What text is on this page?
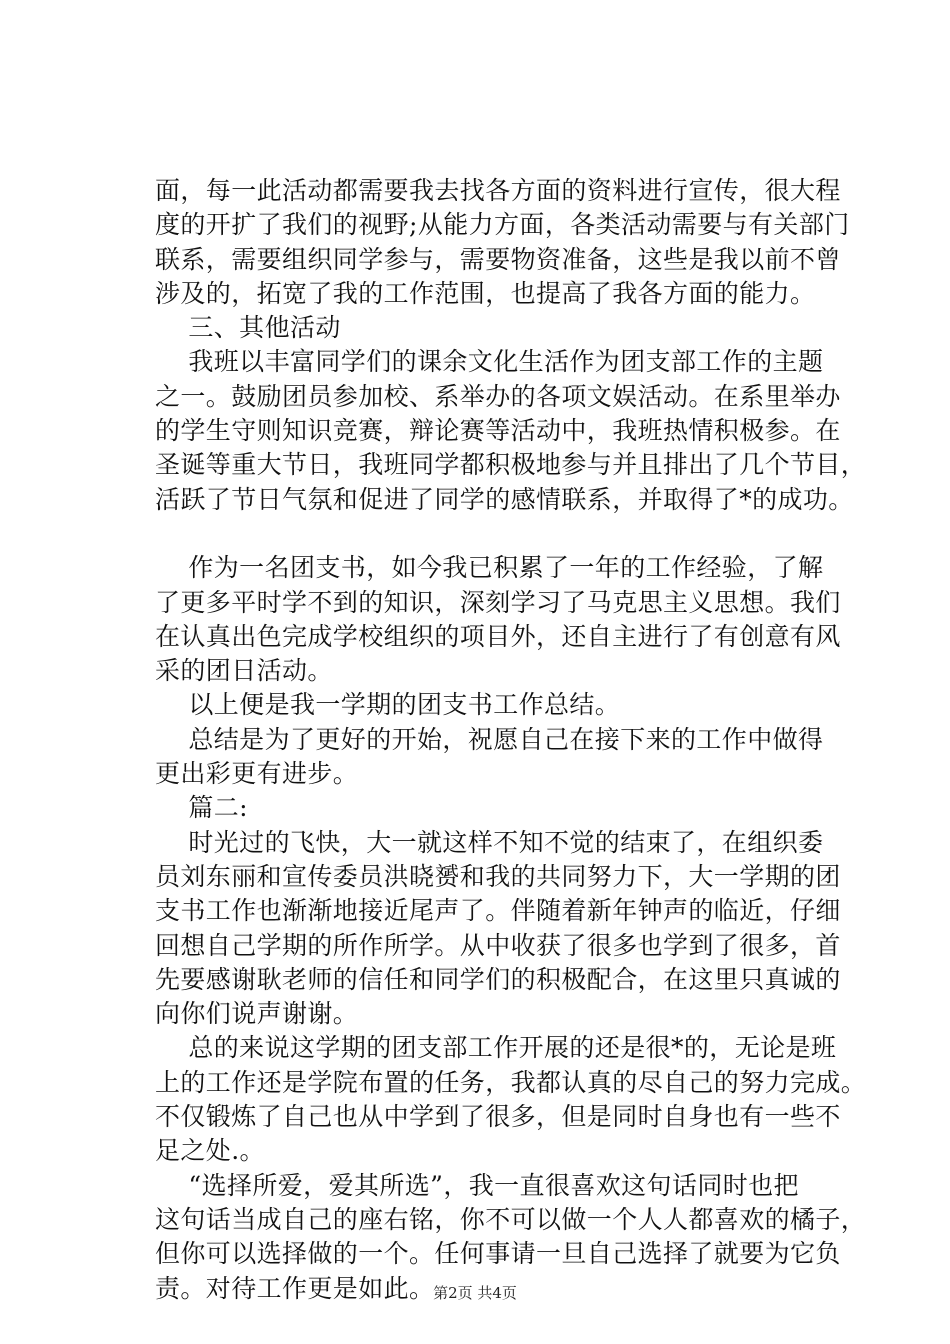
面，每一此活动都需要我去找各方面的资料进行宣传，很大程
度的开扩了我们的视野;从能力方面，各类活动需要与有关部门
联系，需要组织同学参与，需要物资准备，这些是我以前不曾
涉及的，拓宽了我的工作范围，也提高了我各方面的能力。
三、其他活动
我班以丰富同学们的课余文化生活作为团支部工作的主题
之一。鼓励团员参加校、系举办的各项文娱活动。在系里举办
的学生守则知识竞赛，辩论赛等活动中，我班热情积极参。在
圣诞等重大节日，我班同学都积极地参与并且排出了几个节目，
活跃了节日气氛和促进了同学的感情联系，并取得了*的成功。
作为一名团支书，如今我已积累了一年的工作经验，了解
了更多平时学不到的知识，深刻学习了马克思主义思想。我们
在认真出色完成学校组织的项目外，还自主进行了有创意有风
采的团日活动。
以上便是我一学期的团支书工作总结。
总结是为了更好的开始，祝愿自己在接下来的工作中做得
更出彩更有进步。
篇二:
时光过的飞快，大一就这样不知不觉的结束了，在组织委
员刘东丽和宣传委员洪晓赟和我的共同努力下，大一学期的团
支书工作也渐渐地接近尾声了。伴随着新年钟声的临近，仔细
回想自己学期的所作所学。从中收获了很多也学到了很多，首
先要感谢耿老师的信任和同学们的积极配合，在这里只真诚的
向你们说声谢谢。
总的来说这学期的团支部工作开展的还是很*的，无论是班
上的工作还是学院布置的任务，我都认真的尽自己的努力完成。
不仅锻炼了自己也从中学到了很多，但是同时自身也有一些不
足之处.。
“选择所爱，爱其所选”，我一直很喜欢这句话同时也把
这句话当成自己的座右铭，你不可以做一个人人都喜欢的橘子，
但你可以选择做的一个。任何事请一旦自己选择了就要为它负
责。对待工作更是如此。
第2页 共4页
